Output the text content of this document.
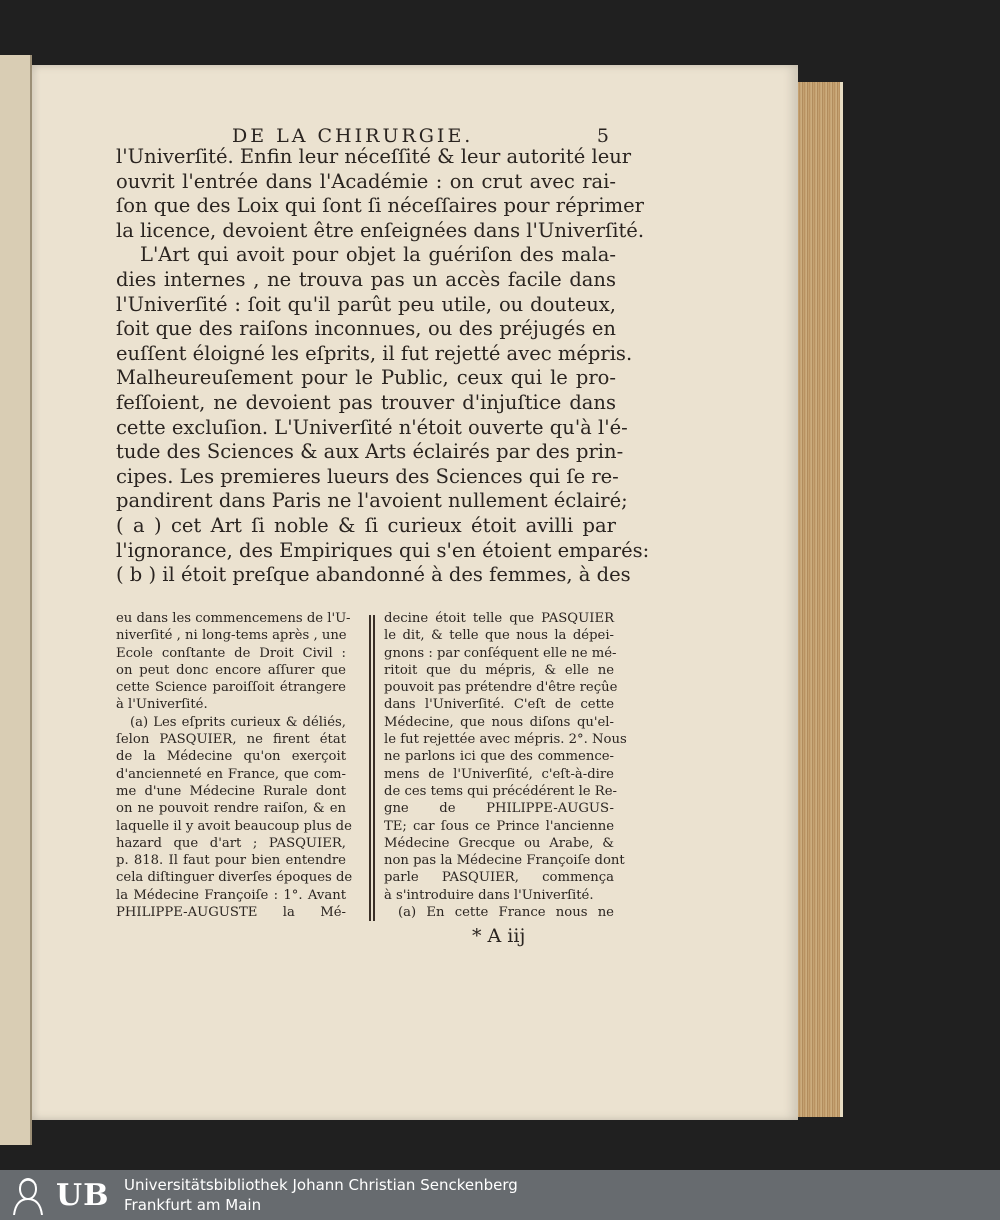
DE LA CHIRURGIE.	5
l'Univerſité. Enfin leur néceſſité & leur autorité leur
ouvrit l'entrée dans l'Académie : on crut avec rai-
ſon que des Loix qui ſont ſi néceſſaires pour réprimer
la licence, devoient être enſeignées dans l'Univerſité.
L'Art qui avoit pour objet la guériſon des mala-
dies internes , ne trouva pas un accès facile dans
l'Univerſité : ſoit qu'il parût peu utile, ou douteux,
ſoit que des raiſons inconnues, ou des préjugés en
euſſent éloigné les eſprits, il fut rejetté avec mépris.
Malheureuſement pour le Public, ceux qui le pro-
feſſoient, ne devoient pas trouver d'injuſtice dans
cette excluſion. L'Univerſité n'étoit ouverte qu'à l'é-
tude des Sciences & aux Arts éclairés par des prin-
cipes. Les premieres lueurs des Sciences qui ſe re-
pandirent dans Paris ne l'avoient nullement éclairé;
( a ) cet Art ſi noble & ſi curieux étoit avilli par
l'ignorance, des Empiriques qui s'en étoient emparés:
( b ) il étoit preſque abandonné à des femmes, à des
eu dans les commencemens de l'U-
niverſité , ni long-tems après , une
Ecole conſtante de Droit Civil :
on peut donc encore aſſurer que
cette Science paroiſſoit étrangere
à l'Univerſité.
(a) Les eſprits curieux & déliés,
ſelon PASQUIER, ne firent état
de la Médecine qu'on exerçoit
d'ancienneté en France, que com-
me d'une Médecine Rurale dont
on ne pouvoit rendre raiſon, & en
laquelle il y avoit beaucoup plus de
hazard que d'art ; PASQUIER,
p. 818. Il faut pour bien entendre
cela diſtinguer diverſes époques de
la Médecine Françoiſe : 1°. Avant
PHILIPPE-AUGUSTE la Mé-
decine étoit telle que PASQUIER
le dit, & telle que nous la dépei-
gnons : par conſéquent elle ne mé-
ritoit que du mépris, & elle ne
pouvoit pas prétendre d'être reçûe
dans l'Univerſité. C'eſt de cette
Médecine, que nous diſons qu'el-
le fut rejettée avec mépris. 2°. Nous
ne parlons ici que des commence-
mens de l'Univerſité, c'eſt-à-dire
de ces tems qui précédérent le Re-
gne de PHILIPPE-AUGUS-
TE; car ſous ce Prince l'ancienne
Médecine Grecque ou Arabe, &
non pas la Médecine Françoiſe dont
parle PASQUIER, commença
à s'introduire dans l'Univerſité.
(a) En cette France nous ne
* A iij
UB Universitätsbibliothek Johann Christian Senckenberg
Frankfurt am Main
